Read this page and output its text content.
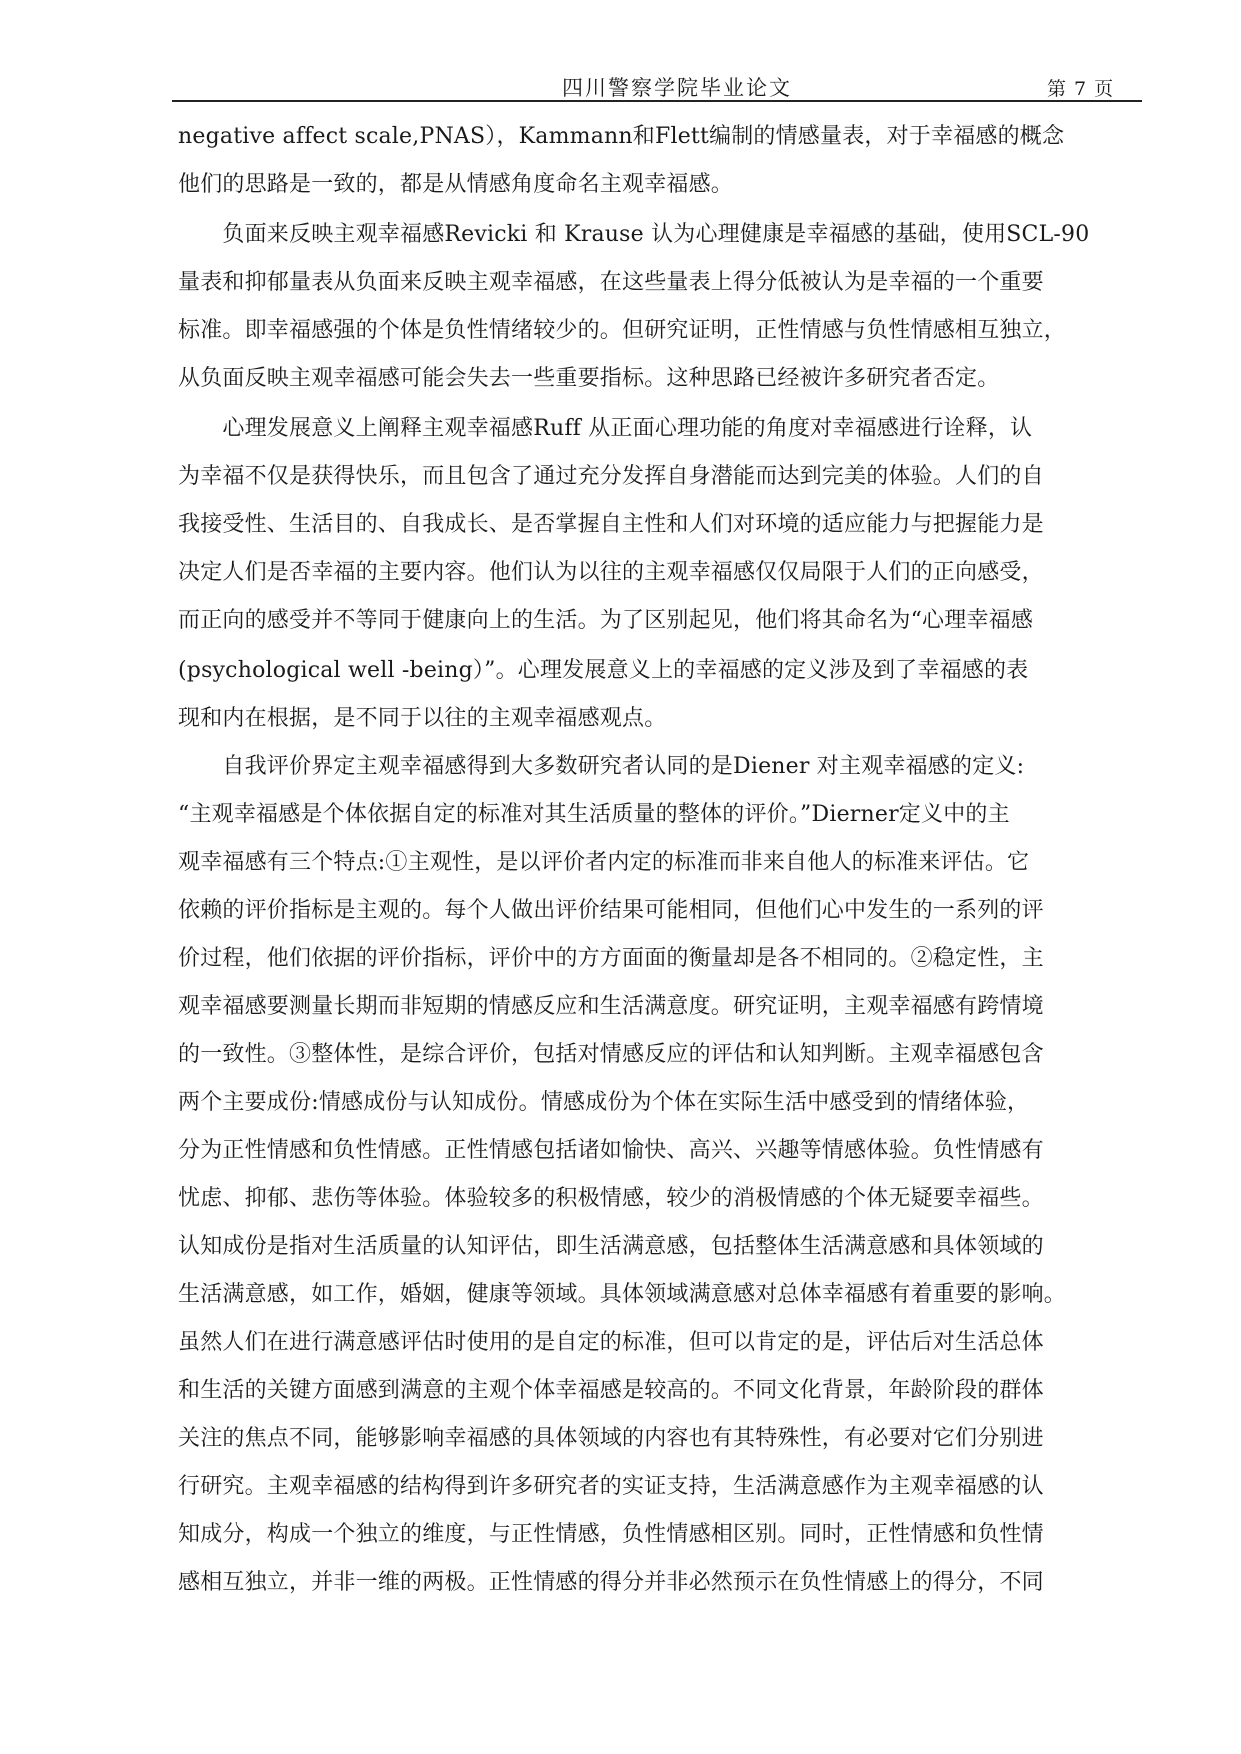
四川警察学院毕业论文	第 7 页
negative affect scale,PNAS），Kammann和Flett编制的情感量表，对于幸福感的概念
他们的思路是一致的，都是从情感角度命名主观幸福感。
　　负面来反映主观幸福感Revicki 和 Krause 认为心理健康是幸福感的基础，使用SCL-90
量表和抑郁量表从负面来反映主观幸福感，在这些量表上得分低被认为是幸福的一个重要
标准。即幸福感强的个体是负性情绪较少的。但研究证明，正性情感与负性情感相互独立，
从负面反映主观幸福感可能会失去一些重要指标。这种思路已经被许多研究者否定。
　　心理发展意义上阐释主观幸福感Ruff 从正面心理功能的角度对幸福感进行诠释，认
为幸福不仅是获得快乐，而且包含了通过充分发挥自身潜能而达到完美的体验。人们的自
我接受性、生活目的、自我成长、是否掌握自主性和人们对环境的适应能力与把握能力是
决定人们是否幸福的主要内容。他们认为以往的主观幸福感仅仅局限于人们的正向感受，
而正向的感受并不等同于健康向上的生活。为了区别起见，他们将其命名为“心理幸福感
(psychological well -being）”。心理发展意义上的幸福感的定义涉及到了幸福感的表
现和内在根据，是不同于以往的主观幸福感观点。
　　自我评价界定主观幸福感得到大多数研究者认同的是Diener 对主观幸福感的定义:
“主观幸福感是个体依据自定的标准对其生活质量的整体的评价。”Dierner定义中的主
观幸福感有三个特点:①主观性，是以评价者内定的标准而非来自他人的标准来评估。它
依赖的评价指标是主观的。每个人做出评价结果可能相同，但他们心中发生的一系列的评
价过程，他们依据的评价指标，评价中的方方面面的衡量却是各不相同的。②稳定性，主
观幸福感要测量长期而非短期的情感反应和生活满意度。研究证明，主观幸福感有跨情境
的一致性。③整体性，是综合评价，包括对情感反应的评估和认知判断。主观幸福感包含
两个主要成份:情感成份与认知成份。情感成份为个体在实际生活中感受到的情绪体验，
分为正性情感和负性情感。正性情感包括诸如愉快、高兴、兴趣等情感体验。负性情感有
忧虑、抑郁、悲伤等体验。体验较多的积极情感，较少的消极情感的个体无疑要幸福些。
认知成份是指对生活质量的认知评估，即生活满意感，包括整体生活满意感和具体领域的
生活满意感，如工作，婚姻，健康等领域。具体领域满意感对总体幸福感有着重要的影响。
虽然人们在进行满意感评估时使用的是自定的标准，但可以肯定的是，评估后对生活总体
和生活的关键方面感到满意的主观个体幸福感是较高的。不同文化背景，年龄阶段的群体
关注的焦点不同，能够影响幸福感的具体领域的内容也有其特殊性，有必要对它们分别进
行研究。主观幸福感的结构得到许多研究者的实证支持，生活满意感作为主观幸福感的认
知成分，构成一个独立的维度，与正性情感，负性情感相区别。同时，正性情感和负性情
感相互独立，并非一维的两极。正性情感的得分并非必然预示在负性情感上的得分，不同
